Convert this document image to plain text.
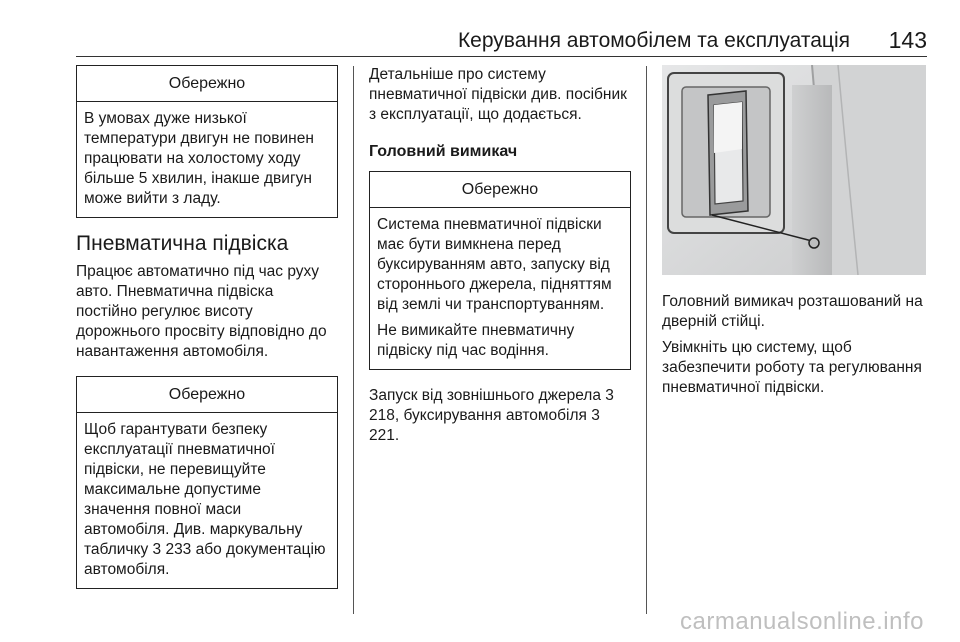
Керування автомобілем та експлуатація 143
Обережно

В умовах дуже низької температури двигун не повинен працювати на холостому ходу більше 5 хвилин, інакше двигун може вийти з ладу.

Пневматична підвіска

Працює автоматично під час руху авто. Пневматична підвіска постійно регулює висоту дорожнього просвіту відповідно до навантаження автомобіля.

Обережно

Щоб гарантувати безпеку експлуатації пневматичної підвіски, не перевищуйте максимальне допустиме значення повної маси автомобіля. Див. маркувальну табличку 3 233 або документацію автомобіля.

Детальніше про систему пневматичної підвіски див. посібник з експлуатації, що додається.

Головний вимикач
Обережно

Система пневматичної підвіски має бути вимкнена перед буксируванням авто, запуску від стороннього джерела, підняттям від землі чи транспортуванням.

Не вимикайте пневматичну підвіску під час водіння.

Запуск від зовнішнього джерела 3 218, буксирування автомобіля 3 221.

Головний вимикач розташований на дверній стійці.

Увімкніть цю систему, щоб забезпечити роботу та регулювання пневматичної підвіски.

carmanualsonline.info
